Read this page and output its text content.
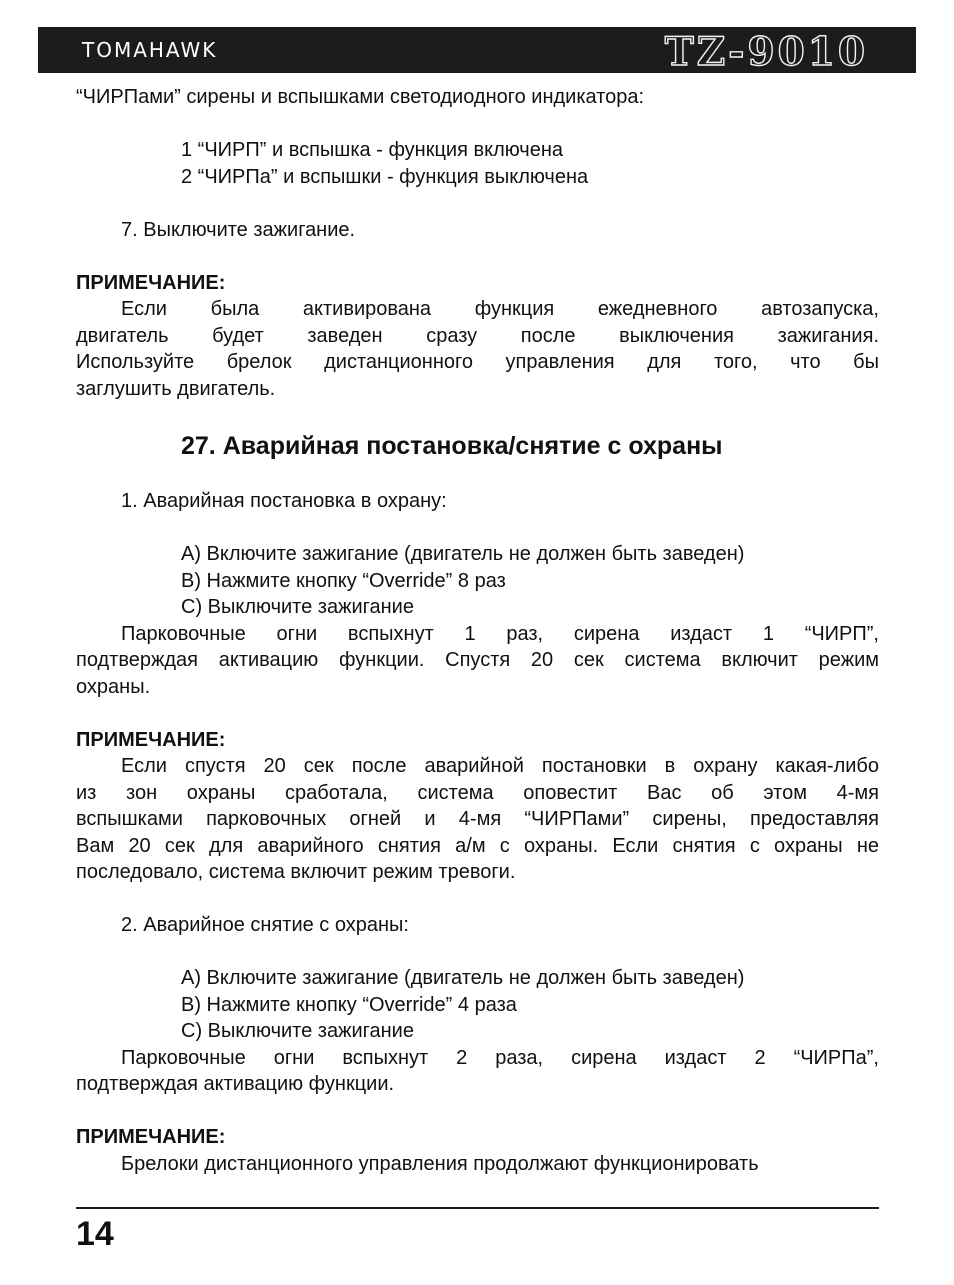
TOMAHAWK	TZ-9010

“ЧИРПами” сирены и вспышками светодиодного индикатора:

1 “ЧИРП” и вспышка - функция включена

2 “ЧИРПа” и вспышки - функция выключена

7. Выключите зажигание.

ПРИМЕЧАНИЕ:

Если была активирована функция ежедневного автозапуска,

двигатель будет заведен сразу после выключения зажигания.

Используйте брелок дистанционного управления для того, что бы

заглушить двигатель.

27. Аварийная постановка/снятие с охраны

1. Аварийная постановка в охрану:

A) Включите зажигание (двигатель не должен быть заведен)

B) Нажмите кнопку “Override” 8 раз

C) Выключите зажигание

Парковочные огни вспыхнут 1 раз, сирена издаст 1 “ЧИРП”,

подтверждая активацию функции. Спустя 20 сек система включит режим

охраны.

ПРИМЕЧАНИЕ:

Если спустя 20 сек после аварийной постановки в охрану какая-либо

из зон охраны сработала, система оповестит Вас об этом 4-мя

вспышками парковочных огней и 4-мя “ЧИРПами” сирены, предоставляя

Вам 20 сек для аварийного снятия а/м с охраны. Если снятия с охраны не

последовало, система включит режим тревоги.

2. Аварийное снятие с охраны:

A) Включите зажигание (двигатель не должен быть заведен)

B) Нажмите кнопку “Override” 4 раза

C) Выключите зажигание

Парковочные огни вспыхнут 2 раза, сирена издаст 2 “ЧИРПа”,

подтверждая активацию функции.

ПРИМЕЧАНИЕ:

Брелоки дистанционного управления продолжают функционировать

14
